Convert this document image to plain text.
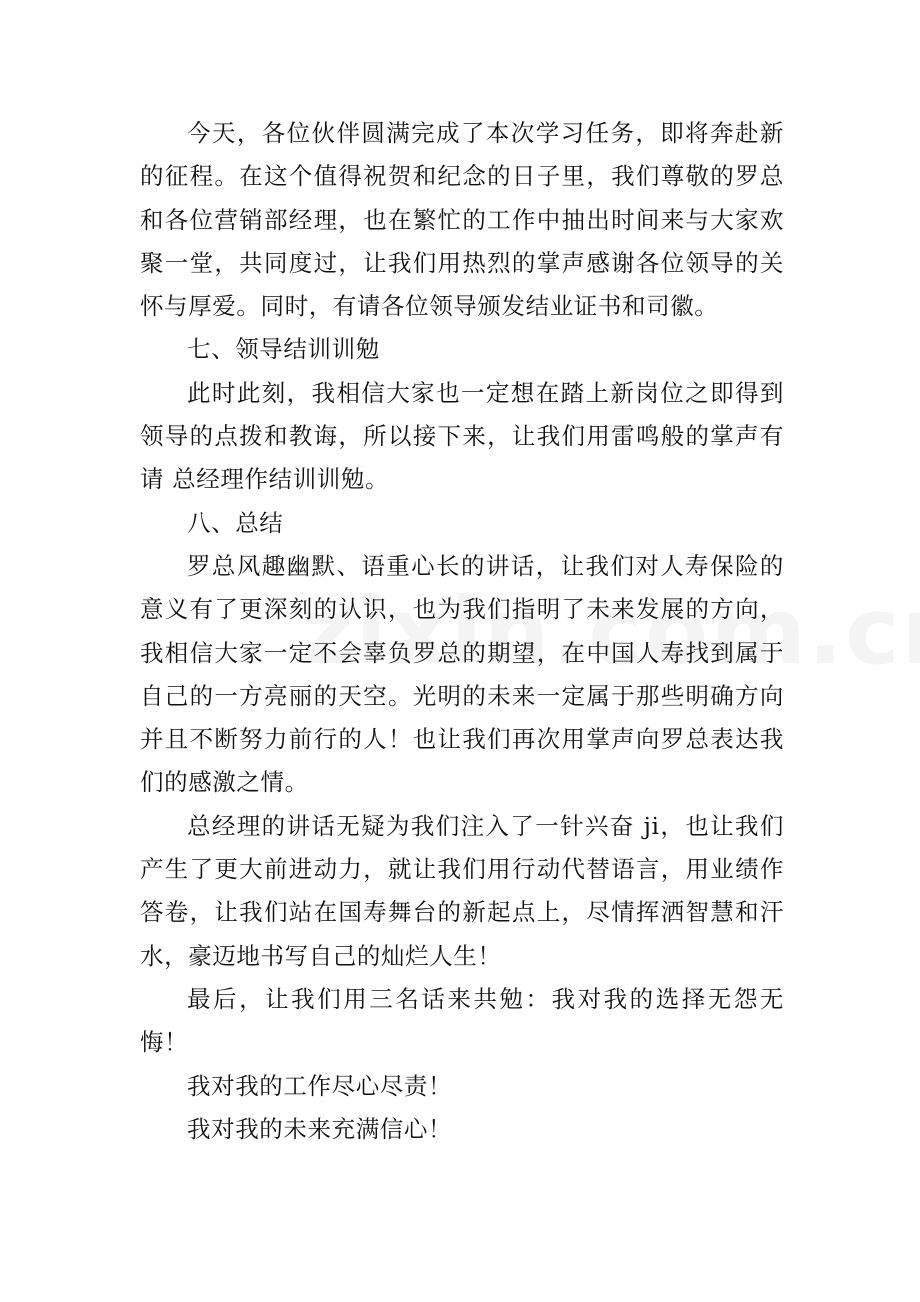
今天，各位伙伴圆满完成了本次学习任务，即将奔赴新的征程。在这个值得祝贺和纪念的日子里，我们尊敬的罗总和各位营销部经理，也在繁忙的工作中抽出时间来与大家欢聚一堂，共同度过，让我们用热烈的掌声感谢各位领导的关怀与厚爱。同时，有请各位领导颁发结业证书和司徽。

七、领导结训训勉

此时此刻，我相信大家也一定想在踏上新岗位之即得到领导的点拨和教诲，所以接下来，让我们用雷鸣般的掌声有请 总经理作结训训勉。

八、总结

罗总风趣幽默、语重心长的讲话，让我们对人寿保险的意义有了更深刻的认识，也为我们指明了未来发展的方向，我相信大家一定不会辜负罗总的期望，在中国人寿找到属于自己的一方亮丽的天空。光明的未来一定属于那些明确方向并且不断努力前行的人！也让我们再次用掌声向罗总表达我们的感激之情。

总经理的讲话无疑为我们注入了一针兴奋 ji，也让我们产生了更大前进动力，就让我们用行动代替语言，用业绩作答卷，让我们站在国寿舞台的新起点上，尽情挥洒智慧和汗水，豪迈地书写自己的灿烂人生！

最后，让我们用三名话来共勉：我对我的选择无怨无悔！

我对我的工作尽心尽责！

我对我的未来充满信心！
